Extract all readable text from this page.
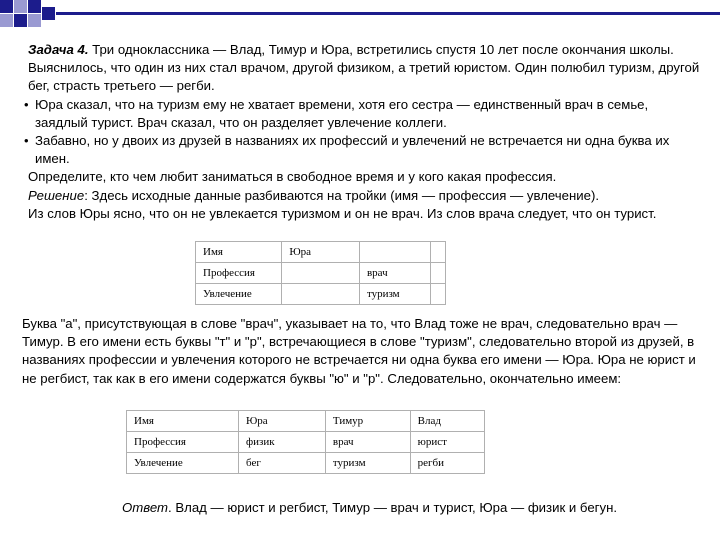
Задача 4. Три одноклассника — Влад, Тимур и Юра, встретились спустя 10 лет после окончания школы. Выяснилось, что один из них стал врачом, другой физиком, а третий юристом. Один полюбил туризм, другой бег, страсть третьего — регби.

• Юра сказал, что на туризм ему не хватает времени, хотя его сестра — единственный врач в семье, заядлый турист. Врач сказал, что он разделяет увлечение коллеги.

• Забавно, но у двоих из друзей в названиях их профессий и увлечений не встречается ни одна буква их имен.

Определите, кто чем любит заниматься в свободное время и у кого какая профессия.

Решение: Здесь исходные данные разбиваются на тройки (имя — профессия — увлечение).

Из слов Юры ясно, что он не увлекается туризмом и он не врач. Из слов врача следует, что он турист.

Имя	Юра		
Профессия		врач	
Увлечение		туризм	

Буква "а", присутствующая в слове "врач", указывает на то, что Влад тоже не врач, следовательно врач — Тимур. В его имени есть буквы "т" и "р", встречающиеся в слове "туризм", следовательно второй из друзей, в названиях профессии и увлечения которого не встречается ни одна буква его имени — Юра. Юра не юрист и не регбист, так как в его имени содержатся буквы "ю" и "р". Следовательно, окончательно имеем:

Имя	Юра	Тимур	Влад
Профессия	физик	врач	юрист
Увлечение	бег	туризм	регби

Ответ. Влад — юрист и регбист, Тимур — врач и турист, Юра — физик и бегун.
